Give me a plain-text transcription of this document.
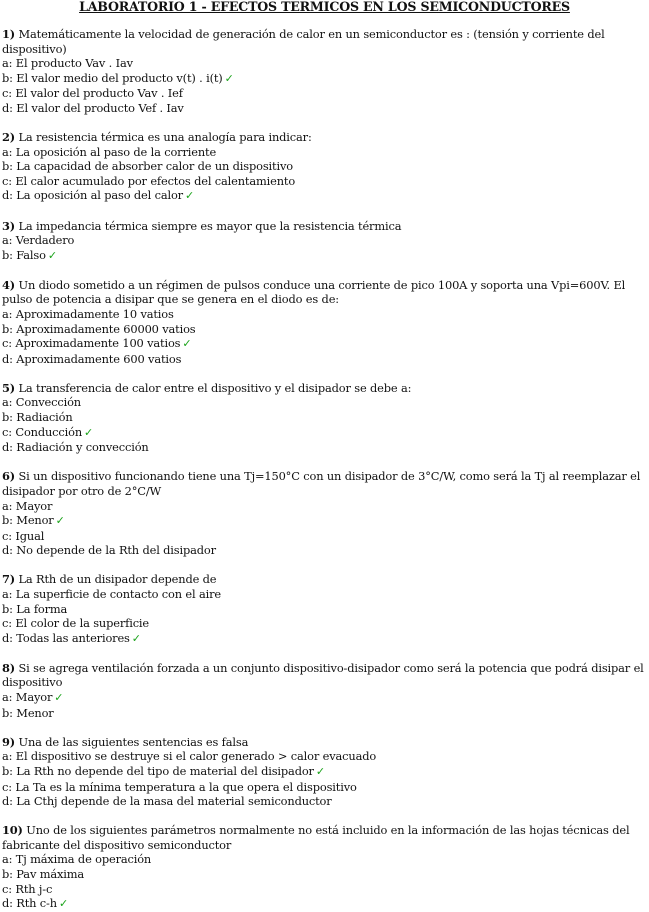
LABORATORIO 1 - EFECTOS TERMICOS EN LOS SEMICONDUCTORES
1) Matemáticamente la velocidad de generación de calor en un semiconductor es : (tensión y corriente del dispositivo)
a: El producto Vav . Iav
b: El valor medio del producto v(t) . i(t) ✓
c: El valor del producto Vav . Ief
d: El valor del producto Vef . Iav
2) La resistencia térmica es una analogía para indicar:
a: La oposición al paso de la corriente
b: La capacidad de absorber calor de un dispositivo
c: El calor acumulado por efectos del calentamiento
d: La oposición al paso del calor ✓
3) La impedancia térmica siempre es mayor que la resistencia térmica
a: Verdadero
b: Falso ✓
4) Un diodo sometido a un régimen de pulsos conduce una corriente de pico 100A y soporta una Vpi=600V. El pulso de potencia a disipar que se genera en el diodo es de:
a: Aproximadamente 10 vatios
b: Aproximadamente 60000 vatios
c: Aproximadamente 100 vatios ✓
d: Aproximadamente 600 vatios
5) La transferencia de calor entre el dispositivo y el disipador se debe a:
a: Convección
b: Radiación
c: Conducción ✓
d: Radiación y convección
6) Si un dispositivo funcionando tiene una Tj=150°C con un disipador de 3°C/W, como será la Tj al reemplazar el disipador por otro de 2°C/W
a: Mayor
b: Menor ✓
c: Igual
d: No depende de la Rth del disipador
7) La Rth de un disipador depende de
a: La superficie de contacto con el aire
b: La forma
c: El color de la superficie
d: Todas las anteriores ✓
8) Si se agrega ventilación forzada a un conjunto dispositivo-disipador como será la potencia que podrá disipar el dispositivo
a: Mayor ✓
b: Menor
9) Una de las siguientes sentencias es falsa
a: El dispositivo se destruye si el calor generado > calor evacuado
b: La Rth no depende del tipo de material del disipador ✓
c: La Ta es la mínima temperatura a la que opera el dispositivo
d: La Cthj depende de la masa del material semiconductor
10) Uno de los siguientes parámetros normalmente no está incluido en la información de las hojas técnicas del fabricante del dispositivo semiconductor
a: Tj máxima de operación
b: Pav máxima
c: Rth j-c
d: Rth c-h ✓
